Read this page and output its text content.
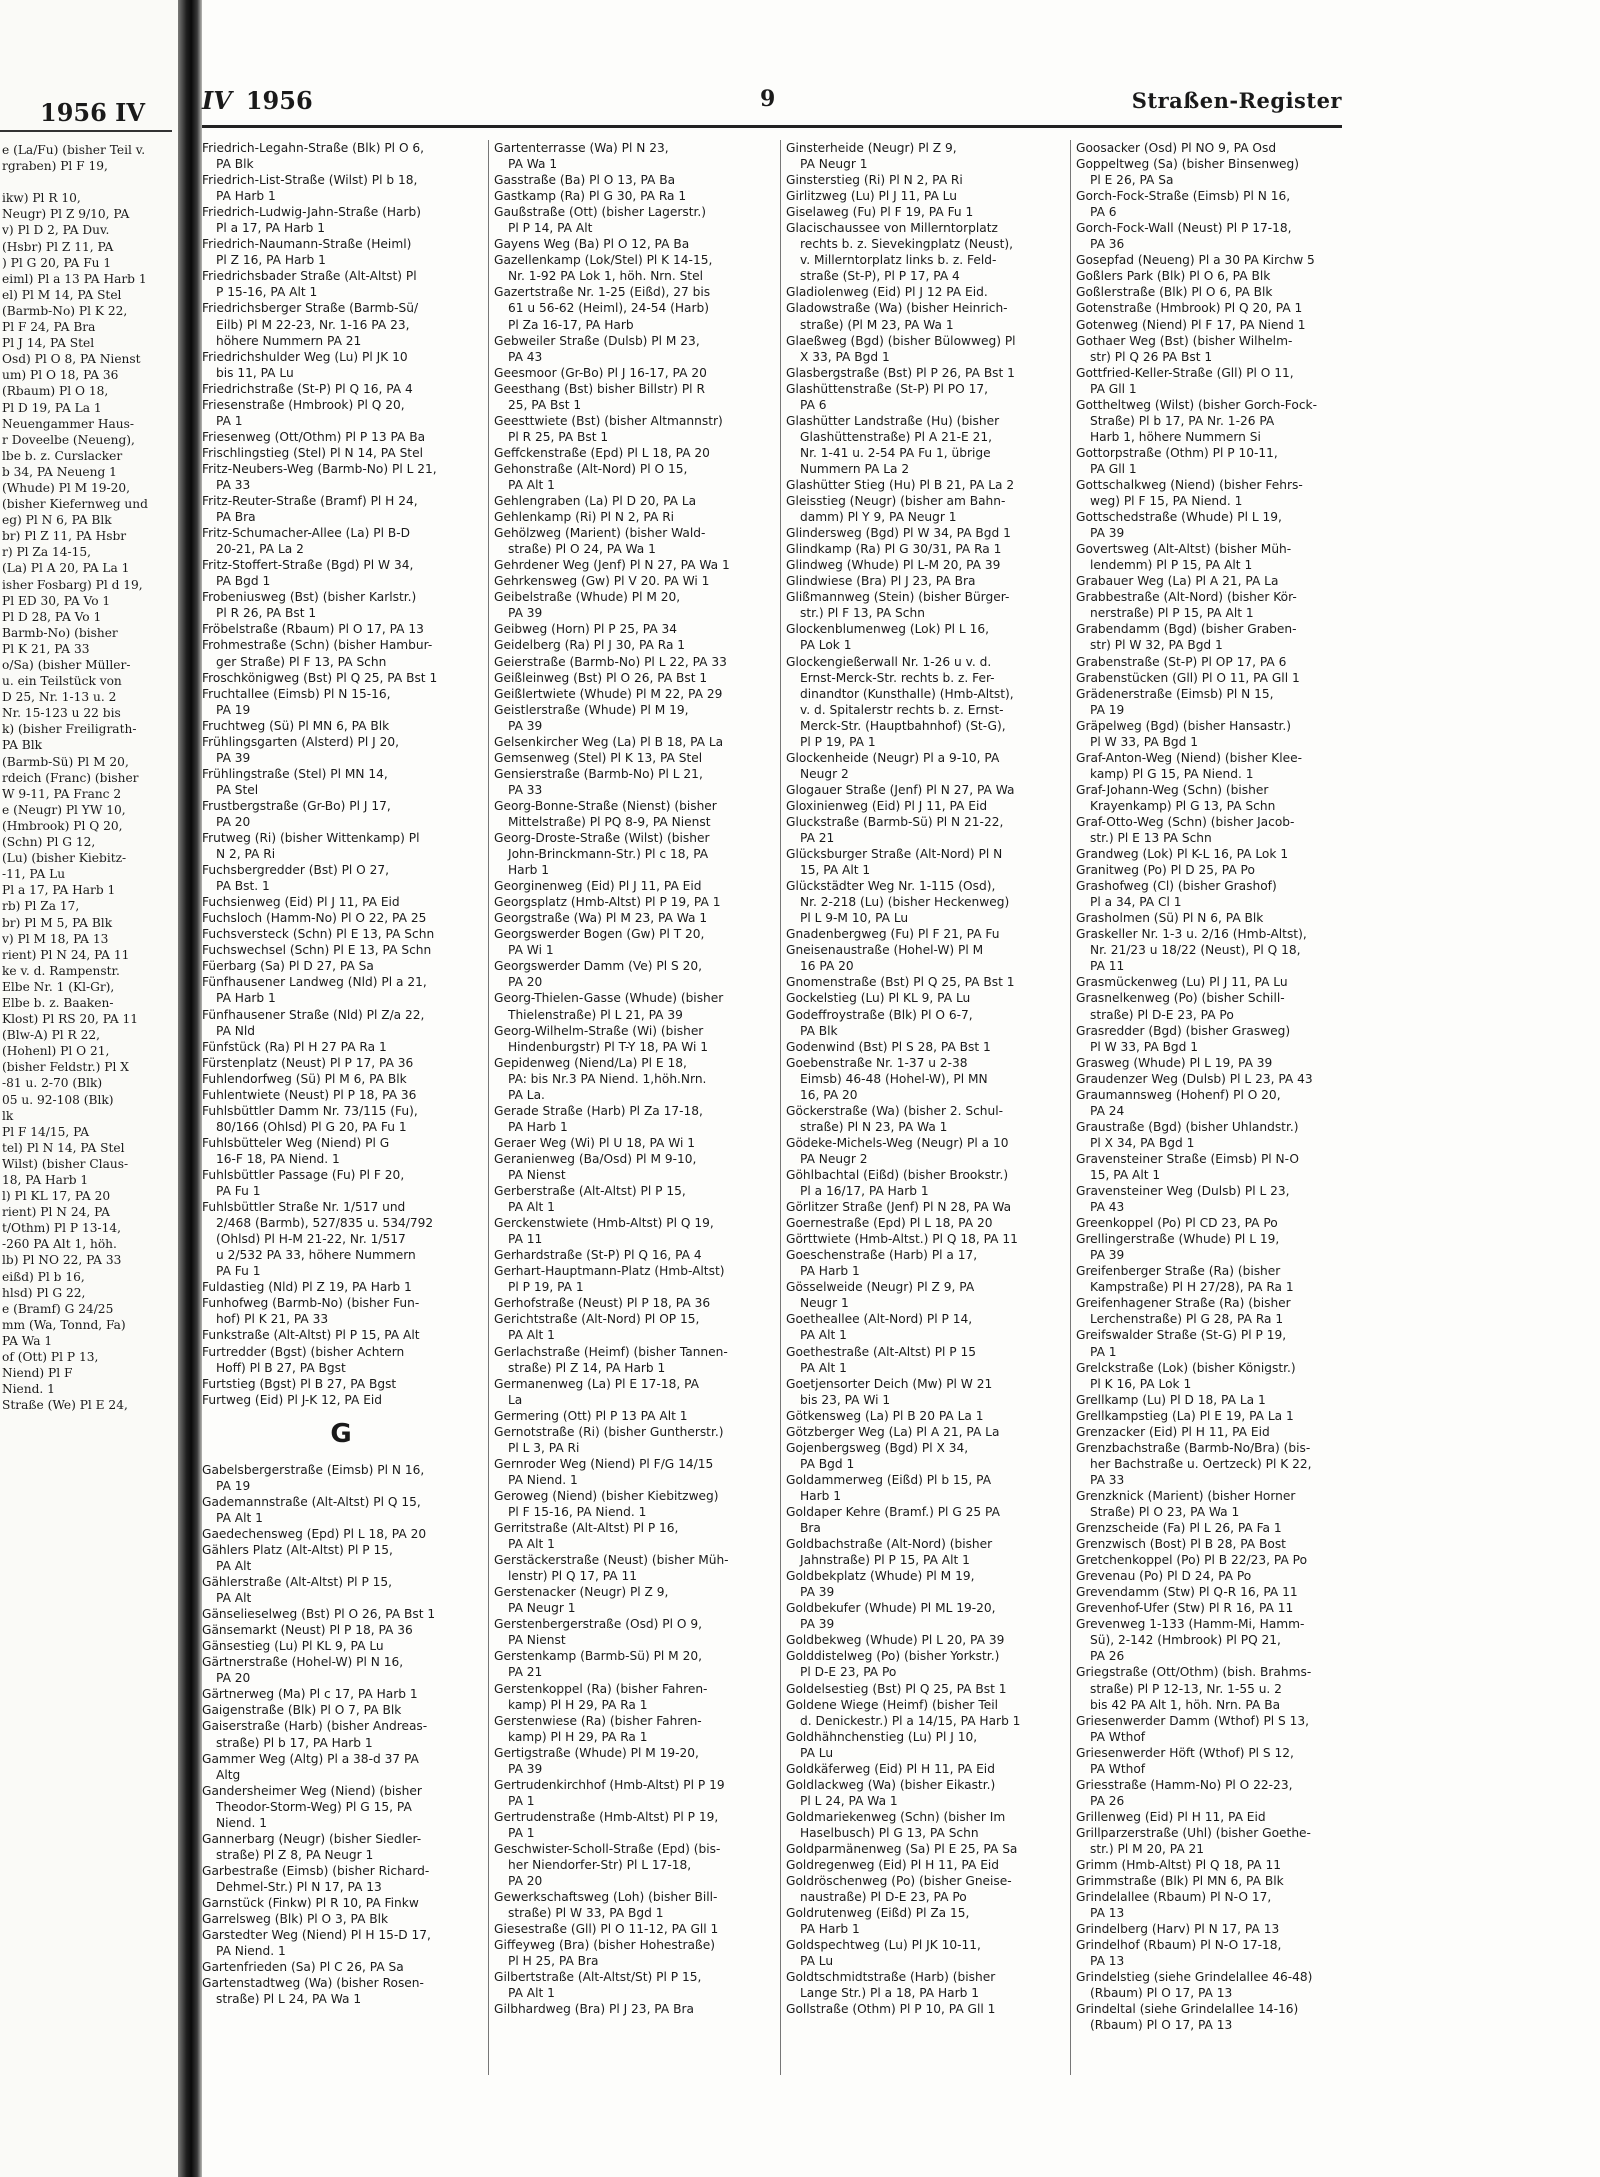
1956 IV
e (La/Fu) (bisher Teil v.
rgraben) Pl F 19,

ikw) Pl R 10,
Neugr) Pl Z 9/10, PA
v) Pl D 2, PA Duv.
(Hsbr) Pl Z 11, PA
) Pl G 20, PA Fu 1
eiml) Pl a 13 PA Harb 1
el) Pl M 14, PA Stel
(Barmb-No) Pl K 22,
Pl F 24, PA Bra
Pl J 14, PA Stel
Osd) Pl O 8, PA Nienst
um) Pl O 18, PA 36
(Rbaum) Pl O 18,
Pl D 19, PA La 1
Neuengammer Haus-
r Doveelbe (Neueng),
lbe b. z. Curslacker
b 34, PA Neueng 1
(Whude) Pl M 19-20,
(bisher Kiefernweg und
eg) Pl N 6, PA Blk
br) Pl Z 11, PA Hsbr
r) Pl Za 14-15,
(La) Pl A 20, PA La 1
isher Fosbarg) Pl d 19,
Pl ED 30, PA Vo 1
Pl D 28, PA Vo 1
Barmb-No) (bisher
Pl K 21, PA 33
o/Sa) (bisher Müller-
u. ein Teilstück von
D 25, Nr. 1-13 u. 2
Nr. 15-123 u 22 bis
k) (bisher Freiligrath-
PA Blk
(Barmb-Sü) Pl M 20,
rdeich (Franc) (bisher
W 9-11, PA Franc 2
e (Neugr) Pl YW 10,
(Hmbrook) Pl Q 20,
(Schn) Pl G 12,
(Lu) (bisher Kiebitz-
-11, PA Lu
Pl a 17, PA Harb 1
rb) Pl Za 17,
br) Pl M 5, PA Blk
v) Pl M 18, PA 13
rient) Pl N 24, PA 11
ke v. d. Rampenstr.
Elbe Nr. 1 (Kl-Gr),
Elbe b. z. Baaken-
Klost) Pl RS 20, PA 11
(Blw-A) Pl R 22,
(Hohenl) Pl O 21,
(bisher Feldstr.) Pl X
-81 u. 2-70 (Blk)
05 u. 92-108 (Blk)
lk
Pl F 14/15, PA
tel) Pl N 14, PA Stel
Wilst) (bisher Claus-
18, PA Harb 1
l) Pl KL 17, PA 20
rient) Pl N 24, PA
t/Othm) Pl P 13-14,
-260 PA Alt 1, höh.
lb) Pl NO 22, PA 33
eißd) Pl b 16,
hlsd) Pl G 22,
e (Bramf) G 24/25
mm (Wa, Tonnd, Fa)
PA Wa 1
of (Ott) Pl P 13,
Niend) Pl F
Niend. 1
Straße (We) Pl E 24,
IV 1956	9	Straßen-Register
Friedrich-Legahn-Straße (Blk) Pl O 6,
PA Blk
Friedrich-List-Straße (Wilst) Pl b 18,
PA Harb 1
Friedrich-Ludwig-Jahn-Straße (Harb)
Pl a 17, PA Harb 1
Friedrich-Naumann-Straße (Heiml)
Pl Z 16, PA Harb 1
Friedrichsbader Straße (Alt-Altst) Pl
P 15-16, PA Alt 1
Friedrichsberger Straße (Barmb-Sü/
Eilb) Pl M 22-23, Nr. 1-16 PA 23,
höhere Nummern PA 21
Friedrichshulder Weg (Lu) Pl JK 10
bis 11, PA Lu
Friedrichstraße (St-P) Pl Q 16, PA 4
Friesenstraße (Hmbrook) Pl Q 20,
PA 1
Friesenweg (Ott/Othm) Pl P 13 PA Ba
Frischlingstieg (Stel) Pl N 14, PA Stel
Fritz-Neubers-Weg (Barmb-No) Pl L 21,
PA 33
Fritz-Reuter-Straße (Bramf) Pl H 24,
PA Bra
Fritz-Schumacher-Allee (La) Pl B-D
20-21, PA La 2
Fritz-Stoffert-Straße (Bgd) Pl W 34,
PA Bgd 1
Frobeniusweg (Bst) (bisher Karlstr.)
Pl R 26, PA Bst 1
Fröbelstraße (Rbaum) Pl O 17, PA 13
Frohmestraße (Schn) (bisher Hambur-
ger Straße) Pl F 13, PA Schn
Froschkönigweg (Bst) Pl Q 25, PA Bst 1
Fruchtallee (Eimsb) Pl N 15-16,
PA 19
Fruchtweg (Sü) Pl MN 6, PA Blk
Frühlingsgarten (Alsterd) Pl J 20,
PA 39
Frühlingstraße (Stel) Pl MN 14,
PA Stel
Frustbergstraße (Gr-Bo) Pl J 17,
PA 20
Frutweg (Ri) (bisher Wittenkamp) Pl
N 2, PA Ri
Fuchsbergredder (Bst) Pl O 27,
PA Bst. 1
Fuchsienweg (Eid) Pl J 11, PA Eid
Fuchsloch (Hamm-No) Pl O 22, PA 25
Fuchsversteck (Schn) Pl E 13, PA Schn
Fuchswechsel (Schn) Pl E 13, PA Schn
Füerbarg (Sa) Pl D 27, PA Sa
Fünfhausener Landweg (Nld) Pl a 21,
PA Harb 1
Fünfhausener Straße (Nld) Pl Z/a 22,
PA Nld
Fünfstück (Ra) Pl H 27 PA Ra 1
Fürstenplatz (Neust) Pl P 17, PA 36
Fuhlendorfweg (Sü) Pl M 6, PA Blk
Fuhlentwiete (Neust) Pl P 18, PA 36
Fuhlsbüttler Damm Nr. 73/115 (Fu),
80/166 (Ohlsd) Pl G 20, PA Fu 1
Fuhlsbütteler Weg (Niend) Pl G
16-F 18, PA Niend. 1
Fuhlsbüttler Passage (Fu) Pl F 20,
PA Fu 1
Fuhlsbüttler Straße Nr. 1/517 und
2/468 (Barmb), 527/835 u. 534/792
(Ohlsd) Pl H-M 21-22, Nr. 1/517
u 2/532 PA 33, höhere Nummern
PA Fu 1
Fuldastieg (Nld) Pl Z 19, PA Harb 1
Funhofweg (Barmb-No) (bisher Fun-
hof) Pl K 21, PA 33
Funkstraße (Alt-Altst) Pl P 15, PA Alt
Furtredder (Bgst) (bisher Achtern
Hoff) Pl B 27, PA Bgst
Furtstieg (Bgst) Pl B 27, PA Bgst
Furtweg (Eid) Pl J-K 12, PA Eid
G
Gabelsbergerstraße (Eimsb) Pl N 16,
PA 19
Gademannstraße (Alt-Altst) Pl Q 15,
PA Alt 1
Gaedechensweg (Epd) Pl L 18, PA 20
Gählers Platz (Alt-Altst) Pl P 15,
PA Alt
Gählerstraße (Alt-Altst) Pl P 15,
PA Alt
Gänselieselweg (Bst) Pl O 26, PA Bst 1
Gänsemarkt (Neust) Pl P 18, PA 36
Gänsestieg (Lu) Pl KL 9, PA Lu
Gärtnerstraße (Hohel-W) Pl N 16,
PA 20
Gärtnerweg (Ma) Pl c 17, PA Harb 1
Gaigenstraße (Blk) Pl O 7, PA Blk
Gaiserstraße (Harb) (bisher Andreas-
straße) Pl b 17, PA Harb 1
Gammer Weg (Altg) Pl a 38-d 37 PA
Altg
Gandersheimer Weg (Niend) (bisher
Theodor-Storm-Weg) Pl G 15, PA
Niend. 1
Gannerbarg (Neugr) (bisher Siedler-
straße) Pl Z 8, PA Neugr 1
Garbestraße (Eimsb) (bisher Richard-
Dehmel-Str.) Pl N 17, PA 13
Garnstück (Finkw) Pl R 10, PA Finkw
Garrelsweg (Blk) Pl O 3, PA Blk
Garstedter Weg (Niend) Pl H 15-D 17,
PA Niend. 1
Gartenfrieden (Sa) Pl C 26, PA Sa
Gartenstadtweg (Wa) (bisher Rosen-
straße) Pl L 24, PA Wa 1
Gartenterrasse (Wa) Pl N 23,
PA Wa 1
Gasstraße (Ba) Pl O 13, PA Ba
Gastkamp (Ra) Pl G 30, PA Ra 1
Gaußstraße (Ott) (bisher Lagerstr.)
Pl P 14, PA Alt
Gayens Weg (Ba) Pl O 12, PA Ba
Gazellenkamp (Lok/Stel) Pl K 14-15,
Nr. 1-92 PA Lok 1, höh. Nrn. Stel
Gazertstraße Nr. 1-25 (Eißd), 27 bis
61 u 56-62 (Heiml), 24-54 (Harb)
Pl Za 16-17, PA Harb
Gebweiler Straße (Dulsb) Pl M 23,
PA 43
Geesmoor (Gr-Bo) Pl J 16-17, PA 20
Geesthang (Bst) bisher Billstr) Pl R
25, PA Bst 1
Geesttwiete (Bst) (bisher Altmannstr)
Pl R 25, PA Bst 1
Geffckenstraße (Epd) Pl L 18, PA 20
Gehonstraße (Alt-Nord) Pl O 15,
PA Alt 1
Gehlengraben (La) Pl D 20, PA La
Gehlenkamp (Ri) Pl N 2, PA Ri
Gehölzweg (Marient) (bisher Wald-
straße) Pl O 24, PA Wa 1
Gehrdener Weg (Jenf) Pl N 27, PA Wa 1
Gehrkensweg (Gw) Pl V 20. PA Wi 1
Geibelstraße (Whude) Pl M 20,
PA 39
Geibweg (Horn) Pl P 25, PA 34
Geidelberg (Ra) Pl J 30, PA Ra 1
Geierstraße (Barmb-No) Pl L 22, PA 33
Geißleinweg (Bst) Pl O 26, PA Bst 1
Geißlertwiete (Whude) Pl M 22, PA 29
Geistlerstraße (Whude) Pl M 19,
PA 39
Gelsenkircher Weg (La) Pl B 18, PA La
Gemsenweg (Stel) Pl K 13, PA Stel
Gensierstraße (Barmb-No) Pl L 21,
PA 33
Georg-Bonne-Straße (Nienst) (bisher
Mittelstraße) Pl PQ 8-9, PA Nienst
Georg-Droste-Straße (Wilst) (bisher
John-Brinckmann-Str.) Pl c 18, PA
Harb 1
Georginenweg (Eid) Pl J 11, PA Eid
Georgsplatz (Hmb-Altst) Pl P 19, PA 1
Georgstraße (Wa) Pl M 23, PA Wa 1
Georgswerder Bogen (Gw) Pl T 20,
PA Wi 1
Georgswerder Damm (Ve) Pl S 20,
PA 20
Georg-Thielen-Gasse (Whude) (bisher
Thielenstraße) Pl L 21, PA 39
Georg-Wilhelm-Straße (Wi) (bisher
Hindenburgstr) Pl T-Y 18, PA Wi 1
Gepidenweg (Niend/La) Pl E 18,
PA: bis Nr.3 PA Niend. 1,höh.Nrn.
PA La.
Gerade Straße (Harb) Pl Za 17-18,
PA Harb 1
Geraer Weg (Wi) Pl U 18, PA Wi 1
Geranienweg (Ba/Osd) Pl M 9-10,
PA Nienst
Gerberstraße (Alt-Altst) Pl P 15,
PA Alt 1
Gerckenstwiete (Hmb-Altst) Pl Q 19,
PA 11
Gerhardstraße (St-P) Pl Q 16, PA 4
Gerhart-Hauptmann-Platz (Hmb-Altst)
Pl P 19, PA 1
Gerhofstraße (Neust) Pl P 18, PA 36
Gerichtstraße (Alt-Nord) Pl OP 15,
PA Alt 1
Gerlachstraße (Heimf) (bisher Tannen-
straße) Pl Z 14, PA Harb 1
Germanenweg (La) Pl E 17-18, PA
La
Germering (Ott) Pl P 13 PA Alt 1
Gernotstraße (Ri) (bisher Guntherstr.)
Pl L 3, PA Ri
Gernroder Weg (Niend) Pl F/G 14/15
PA Niend. 1
Geroweg (Niend) (bisher Kiebitzweg)
Pl F 15-16, PA Niend. 1
Gerritstraße (Alt-Altst) Pl P 16,
PA Alt 1
Gerstäckerstraße (Neust) (bisher Müh-
lenstr) Pl Q 17, PA 11
Gerstenacker (Neugr) Pl Z 9,
PA Neugr 1
Gerstenbergerstraße (Osd) Pl O 9,
PA Nienst
Gerstenkamp (Barmb-Sü) Pl M 20,
PA 21
Gerstenkoppel (Ra) (bisher Fahren-
kamp) Pl H 29, PA Ra 1
Gerstenwiese (Ra) (bisher Fahren-
kamp) Pl H 29, PA Ra 1
Gertigstraße (Whude) Pl M 19-20,
PA 39
Gertrudenkirchhof (Hmb-Altst) Pl P 19
PA 1
Gertrudenstraße (Hmb-Altst) Pl P 19,
PA 1
Geschwister-Scholl-Straße (Epd) (bis-
her Niendorfer-Str) Pl L 17-18,
PA 20
Gewerkschaftsweg (Loh) (bisher Bill-
straße) Pl W 33, PA Bgd 1
Giesestraße (Gll) Pl O 11-12, PA Gll 1
Giffeyweg (Bra) (bisher Hohestraße)
Pl H 25, PA Bra
Gilbertstraße (Alt-Altst/St) Pl P 15,
PA Alt 1
Gilbhardweg (Bra) Pl J 23, PA Bra
Ginsterheide (Neugr) Pl Z 9,
PA Neugr 1
Ginsterstieg (Ri) Pl N 2, PA Ri
Girlitzweg (Lu) Pl J 11, PA Lu
Giselaweg (Fu) Pl F 19, PA Fu 1
Glacischaussee von Millerntorplatz
rechts b. z. Sievekingplatz (Neust),
v. Millerntorplatz links b. z. Feld-
straße (St-P), Pl P 17, PA 4
Gladiolenweg (Eid) Pl J 12 PA Eid.
Gladowstraße (Wa) (bisher Heinrich-
straße) (Pl M 23, PA Wa 1
Glaeßweg (Bgd) (bisher Bülowweg) Pl
X 33, PA Bgd 1
Glasbergstraße (Bst) Pl P 26, PA Bst 1
Glashüttenstraße (St-P) Pl PO 17,
PA 6
Glashütter Landstraße (Hu) (bisher
Glashüttenstraße) Pl A 21-E 21,
Nr. 1-41 u. 2-54 PA Fu 1, übrige
Nummern PA La 2
Glashütter Stieg (Hu) Pl B 21, PA La 2
Gleisstieg (Neugr) (bisher am Bahn-
damm) Pl Y 9, PA Neugr 1
Glindersweg (Bgd) Pl W 34, PA Bgd 1
Glindkamp (Ra) Pl G 30/31, PA Ra 1
Glindweg (Whude) Pl L-M 20, PA 39
Glindwiese (Bra) Pl J 23, PA Bra
Glißmannweg (Stein) (bisher Bürger-
str.) Pl F 13, PA Schn
Glockenblumenweg (Lok) Pl L 16,
PA Lok 1
Glockengießerwall Nr. 1-26 u v. d.
Ernst-Merck-Str. rechts b. z. Fer-
dinandtor (Kunsthalle) (Hmb-Altst),
v. d. Spitalerstr rechts b. z. Ernst-
Merck-Str. (Hauptbahnhof) (St-G),
Pl P 19, PA 1
Glockenheide (Neugr) Pl a 9-10, PA
Neugr 2
Glogauer Straße (Jenf) Pl N 27, PA Wa
Gloxinienweg (Eid) Pl J 11, PA Eid
Gluckstraße (Barmb-Sü) Pl N 21-22,
PA 21
Glücksburger Straße (Alt-Nord) Pl N
15, PA Alt 1
Glückstädter Weg Nr. 1-115 (Osd),
Nr. 2-218 (Lu) (bisher Heckenweg)
Pl L 9-M 10, PA Lu
Gnadenbergweg (Fu) Pl F 21, PA Fu
Gneisenaustraße (Hohel-W) Pl M
16 PA 20
Gnomenstraße (Bst) Pl Q 25, PA Bst 1
Gockelstieg (Lu) Pl KL 9, PA Lu
Godeffroystraße (Blk) Pl O 6-7,
PA Blk
Godenwind (Bst) Pl S 28, PA Bst 1
Goebenstraße Nr. 1-37 u 2-38
Eimsb) 46-48 (Hohel-W), Pl MN
16, PA 20
Göckerstraße (Wa) (bisher 2. Schul-
straße) Pl N 23, PA Wa 1
Gödeke-Michels-Weg (Neugr) Pl a 10
PA Neugr 2
Göhlbachtal (Eißd) (bisher Brookstr.)
Pl a 16/17, PA Harb 1
Görlitzer Straße (Jenf) Pl N 28, PA Wa
Goernestraße (Epd) Pl L 18, PA 20
Görttwiete (Hmb-Altst.) Pl Q 18, PA 11
Goeschenstraße (Harb) Pl a 17,
PA Harb 1
Gösselweide (Neugr) Pl Z 9, PA
Neugr 1
Goetheallee (Alt-Nord) Pl P 14,
PA Alt 1
Goethestraße (Alt-Altst) Pl P 15
PA Alt 1
Goetjensorter Deich (Mw) Pl W 21
bis 23, PA Wi 1
Götkensweg (La) Pl B 20 PA La 1
Götzberger Weg (La) Pl A 21, PA La
Gojenbergsweg (Bgd) Pl X 34,
PA Bgd 1
Goldammerweg (Eißd) Pl b 15, PA
Harb 1
Goldaper Kehre (Bramf.) Pl G 25 PA
Bra
Goldbachstraße (Alt-Nord) (bisher
Jahnstraße) Pl P 15, PA Alt 1
Goldbekplatz (Whude) Pl M 19,
PA 39
Goldbekufer (Whude) Pl ML 19-20,
PA 39
Goldbekweg (Whude) Pl L 20, PA 39
Golddistelweg (Po) (bisher Yorkstr.)
Pl D-E 23, PA Po
Goldelsestieg (Bst) Pl Q 25, PA Bst 1
Goldene Wiege (Heimf) (bisher Teil
d. Denickestr.) Pl a 14/15, PA Harb 1
Goldhähnchenstieg (Lu) Pl J 10,
PA Lu
Goldkäferweg (Eid) Pl H 11, PA Eid
Goldlackweg (Wa) (bisher Eikastr.)
Pl L 24, PA Wa 1
Goldmariekenweg (Schn) (bisher Im
Haselbusch) Pl G 13, PA Schn
Goldparmänenweg (Sa) Pl E 25, PA Sa
Goldregenweg (Eid) Pl H 11, PA Eid
Goldröschenweg (Po) (bisher Gneise-
naustraße) Pl D-E 23, PA Po
Goldrutenweg (Eißd) Pl Za 15,
PA Harb 1
Goldspechtweg (Lu) Pl JK 10-11,
PA Lu
Goldtschmidtstraße (Harb) (bisher
Lange Str.) Pl a 18, PA Harb 1
Gollstraße (Othm) Pl P 10, PA Gll 1
Goosacker (Osd) Pl NO 9, PA Osd
Goppeltweg (Sa) (bisher Binsenweg)
Pl E 26, PA Sa
Gorch-Fock-Straße (Eimsb) Pl N 16,
PA 6
Gorch-Fock-Wall (Neust) Pl P 17-18,
PA 36
Gosepfad (Neueng) Pl a 30 PA Kirchw 5
Goßlers Park (Blk) Pl O 6, PA Blk
Goßlerstraße (Blk) Pl O 6, PA Blk
Gotenstraße (Hmbrook) Pl Q 20, PA 1
Gotenweg (Niend) Pl F 17, PA Niend 1
Gothaer Weg (Bst) (bisher Wilhelm-
str) Pl Q 26 PA Bst 1
Gottfried-Keller-Straße (Gll) Pl O 11,
PA Gll 1
Gottheltweg (Wilst) (bisher Gorch-Fock-
Straße) Pl b 17, PA Nr. 1-26 PA
Harb 1, höhere Nummern Si
Gottorpstraße (Othm) Pl P 10-11,
PA Gll 1
Gottschalkweg (Niend) (bisher Fehrs-
weg) Pl F 15, PA Niend. 1
Gottschedstraße (Whude) Pl L 19,
PA 39
Govertsweg (Alt-Altst) (bisher Müh-
lendemm) Pl P 15, PA Alt 1
Grabauer Weg (La) Pl A 21, PA La
Grabbestraße (Alt-Nord) (bisher Kör-
nerstraße) Pl P 15, PA Alt 1
Grabendamm (Bgd) (bisher Graben-
str) Pl W 32, PA Bgd 1
Grabenstraße (St-P) Pl OP 17, PA 6
Grabenstücken (Gll) Pl O 11, PA Gll 1
Grädenerstraße (Eimsb) Pl N 15,
PA 19
Gräpelweg (Bgd) (bisher Hansastr.)
Pl W 33, PA Bgd 1
Graf-Anton-Weg (Niend) (bisher Klee-
kamp) Pl G 15, PA Niend. 1
Graf-Johann-Weg (Schn) (bisher
Krayenkamp) Pl G 13, PA Schn
Graf-Otto-Weg (Schn) (bisher Jacob-
str.) Pl E 13 PA Schn
Grandweg (Lok) Pl K-L 16, PA Lok 1
Granitweg (Po) Pl D 25, PA Po
Grashofweg (Cl) (bisher Grashof)
Pl a 34, PA Cl 1
Grasholmen (Sü) Pl N 6, PA Blk
Graskeller Nr. 1-3 u. 2/16 (Hmb-Altst),
Nr. 21/23 u 18/22 (Neust), Pl Q 18,
PA 11
Grasmückenweg (Lu) Pl J 11, PA Lu
Grasnelkenweg (Po) (bisher Schill-
straße) Pl D-E 23, PA Po
Grasredder (Bgd) (bisher Grasweg)
Pl W 33, PA Bgd 1
Grasweg (Whude) Pl L 19, PA 39
Graudenzer Weg (Dulsb) Pl L 23, PA 43
Graumannsweg (Hohenf) Pl O 20,
PA 24
Graustraße (Bgd) (bisher Uhlandstr.)
Pl X 34, PA Bgd 1
Gravensteiner Straße (Eimsb) Pl N-O
15, PA Alt 1
Gravensteiner Weg (Dulsb) Pl L 23,
PA 43
Greenkoppel (Po) Pl CD 23, PA Po
Grellingerstraße (Whude) Pl L 19,
PA 39
Greifenberger Straße (Ra) (bisher
Kampstraße) Pl H 27/28), PA Ra 1
Greifenhagener Straße (Ra) (bisher
Lerchenstraße) Pl G 28, PA Ra 1
Greifswalder Straße (St-G) Pl P 19,
PA 1
Grelckstraße (Lok) (bisher Königstr.)
Pl K 16, PA Lok 1
Grellkamp (Lu) Pl D 18, PA La 1
Grellkampstieg (La) Pl E 19, PA La 1
Grenzacker (Eid) Pl H 11, PA Eid
Grenzbachstraße (Barmb-No/Bra) (bis-
her Bachstraße u. Oertzeck) Pl K 22,
PA 33
Grenzknick (Marient) (bisher Horner
Straße) Pl O 23, PA Wa 1
Grenzscheide (Fa) Pl L 26, PA Fa 1
Grenzwisch (Bost) Pl B 28, PA Bost
Gretchenkoppel (Po) Pl B 22/23, PA Po
Grevenau (Po) Pl D 24, PA Po
Grevendamm (Stw) Pl Q-R 16, PA 11
Grevenhof-Ufer (Stw) Pl R 16, PA 11
Grevenweg 1-133 (Hamm-Mi, Hamm-
Sü), 2-142 (Hmbrook) Pl PQ 21,
PA 26
Griegstraße (Ott/Othm) (bish. Brahms-
straße) Pl P 12-13, Nr. 1-55 u. 2
bis 42 PA Alt 1, höh. Nrn. PA Ba
Griesenwerder Damm (Wthof) Pl S 13,
PA Wthof
Griesenwerder Höft (Wthof) Pl S 12,
PA Wthof
Griesstraße (Hamm-No) Pl O 22-23,
PA 26
Grillenweg (Eid) Pl H 11, PA Eid
Grillparzerstraße (Uhl) (bisher Goethe-
str.) Pl M 20, PA 21
Grimm (Hmb-Altst) Pl Q 18, PA 11
Grimmstraße (Blk) Pl MN 6, PA Blk
Grindelallee (Rbaum) Pl N-O 17,
PA 13
Grindelberg (Harv) Pl N 17, PA 13
Grindelhof (Rbaum) Pl N-O 17-18,
PA 13
Grindelstieg (siehe Grindelallee 46-48)
(Rbaum) Pl O 17, PA 13
Grindeltal (siehe Grindelallee 14-16)
(Rbaum) Pl O 17, PA 13
